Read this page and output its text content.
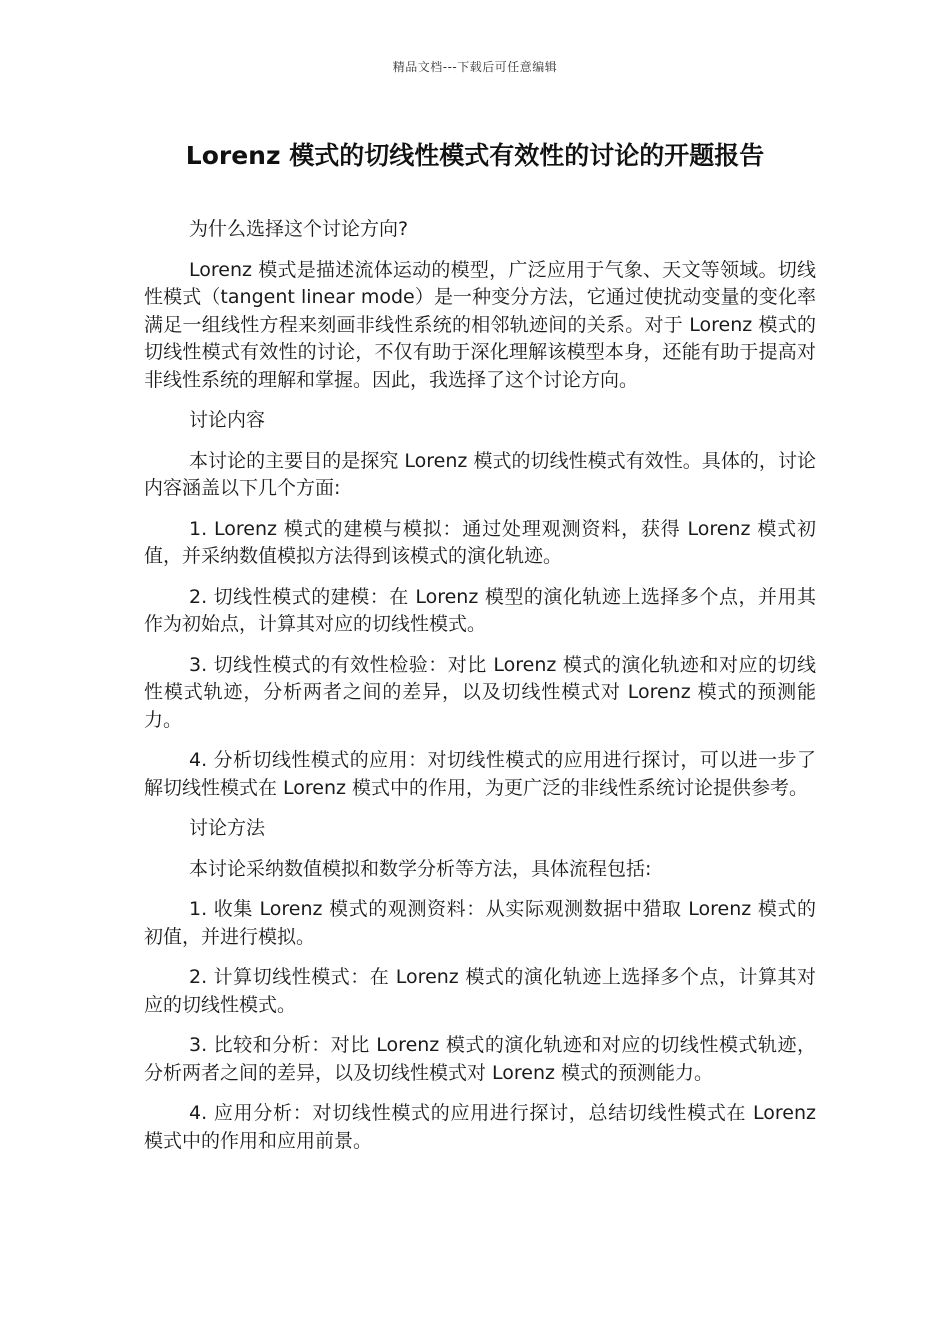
精品文档---下载后可任意编辑
Lorenz 模式的切线性模式有效性的讨论的开题报告

为什么选择这个讨论方向?

Lorenz 模式是描述流体运动的模型，广泛应用于气象、天文等领域。切线性模式（tangent linear mode）是一种变分方法，它通过使扰动变量的变化率满足一组线性方程来刻画非线性系统的相邻轨迹间的关系。对于 Lorenz 模式的切线性模式有效性的讨论，不仅有助于深化理解该模型本身，还能有助于提高对非线性系统的理解和掌握。因此，我选择了这个讨论方向。

讨论内容

本讨论的主要目的是探究 Lorenz 模式的切线性模式有效性。具体的，讨论内容涵盖以下几个方面:

1. Lorenz 模式的建模与模拟：通过处理观测资料，获得 Lorenz 模式初值，并采纳数值模拟方法得到该模式的演化轨迹。

2. 切线性模式的建模：在 Lorenz 模型的演化轨迹上选择多个点，并用其作为初始点，计算其对应的切线性模式。

3. 切线性模式的有效性检验：对比 Lorenz 模式的演化轨迹和对应的切线性模式轨迹，分析两者之间的差异，以及切线性模式对 Lorenz 模式的预测能力。

4. 分析切线性模式的应用：对切线性模式的应用进行探讨，可以进一步了解切线性模式在 Lorenz 模式中的作用，为更广泛的非线性系统讨论提供参考。

讨论方法

本讨论采纳数值模拟和数学分析等方法，具体流程包括:

1. 收集 Lorenz 模式的观测资料：从实际观测数据中猎取 Lorenz 模式的初值，并进行模拟。

2. 计算切线性模式：在 Lorenz 模式的演化轨迹上选择多个点，计算其对应的切线性模式。

3. 比较和分析：对比 Lorenz 模式的演化轨迹和对应的切线性模式轨迹，分析两者之间的差异，以及切线性模式对 Lorenz 模式的预测能力。

4. 应用分析：对切线性模式的应用进行探讨，总结切线性模式在 Lorenz 模式中的作用和应用前景。
